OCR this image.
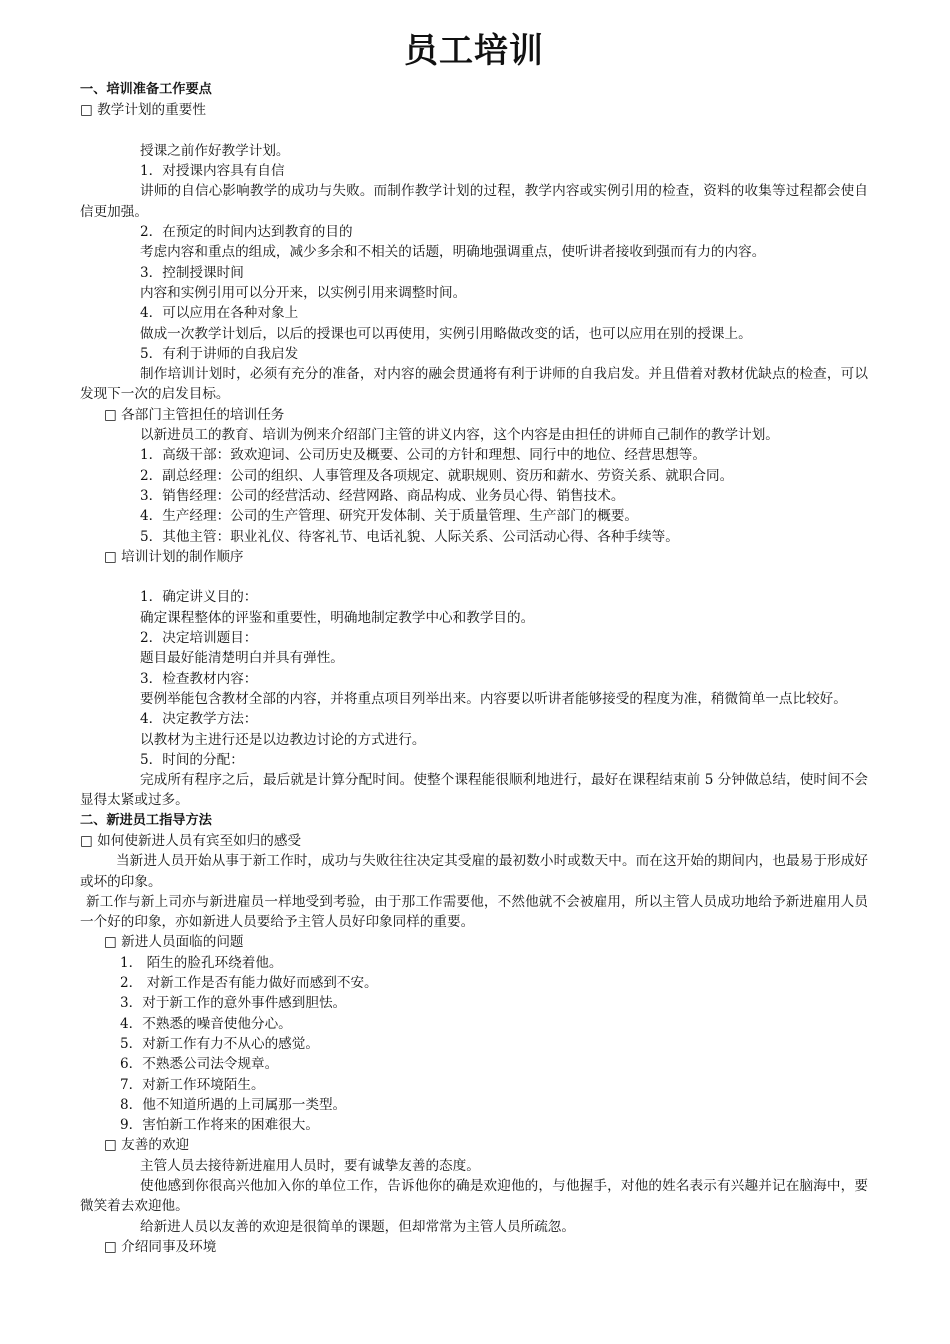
员工培训
一、培训准备工作要点
□ 教学计划的重要性
授课之前作好教学计划。
1．对授课内容具有自信
讲师的自信心影响教学的成功与失败。而制作教学计划的过程，教学内容或实例引用的检查，资料的收集等过程都会使自信更加强。
2．在预定的时间内达到教育的目的
考虑内容和重点的组成，减少多余和不相关的话题，明确地强调重点，使听讲者接收到强而有力的内容。
3．控制授课时间
内容和实例引用可以分开来，以实例引用来调整时间。
4．可以应用在各种对象上
做成一次教学计划后，以后的授课也可以再使用，实例引用略做改变的话，也可以应用在别的授课上。
5．有利于讲师的自我启发
制作培训计划时，必须有充分的准备，对内容的融会贯通将有利于讲师的自我启发。并且借着对教材优缺点的检查，可以发现下一次的启发目标。
□ 各部门主管担任的培训任务
以新进员工的教育、培训为例来介绍部门主管的讲义内容，这个内容是由担任的讲师自己制作的教学计划。
1．高级干部：致欢迎词、公司历史及概要、公司的方针和理想、同行中的地位、经营思想等。
2．副总经理：公司的组织、人事管理及各项规定、就职规则、资历和薪水、劳资关系、就职合同。
3．销售经理：公司的经营活动、经营网路、商品构成、业务员心得、销售技术。
4．生产经理：公司的生产管理、研究开发体制、关于质量管理、生产部门的概要。
5．其他主管：职业礼仪、待客礼节、电话礼貌、人际关系、公司活动心得、各种手续等。
□ 培训计划的制作顺序
1．确定讲义目的：
确定课程整体的评鉴和重要性，明确地制定教学中心和教学目的。
2．决定培训题目：
题目最好能清楚明白并具有弹性。
3．检查教材内容：
要例举能包含教材全部的内容，并将重点项目列举出来。内容要以听讲者能够接受的程度为准，稍微简单一点比较好。
4．决定教学方法：
以教材为主进行还是以边教边讨论的方式进行。
5．时间的分配：
完成所有程序之后，最后就是计算分配时间。使整个课程能很顺利地进行，最好在课程结束前 5 分钟做总结，使时间不会显得太紧或过多。
二、新进员工指导方法
□ 如何使新进人员有宾至如归的感受
当新进人员开始从事于新工作时，成功与失败往往决定其受雇的最初数小时或数天中。而在这开始的期间内，也最易于形成好或坏的印象。
新工作与新上司亦与新进雇员一样地受到考验，由于那工作需要他，不然他就不会被雇用，所以主管人员成功地给予新进雇用人员一个好的印象，亦如新进人员要给予主管人员好印象同样的重要。
□ 新进人员面临的问题
1． 陌生的脸孔环绕着他。
2． 对新工作是否有能力做好而感到不安。
3．对于新工作的意外事件感到胆怯。
4．不熟悉的噪音使他分心。
5．对新工作有力不从心的感觉。
6．不熟悉公司法令规章。
7．对新工作环境陌生。
8．他不知道所遇的上司属那一类型。
9．害怕新工作将来的困难很大。
□ 友善的欢迎
主管人员去接待新进雇用人员时，要有诚挚友善的态度。
使他感到你很高兴他加入你的单位工作，告诉他你的确是欢迎他的，与他握手，对他的姓名表示有兴趣并记在脑海中，要微笑着去欢迎他。
给新进人员以友善的欢迎是很简单的课题，但却常常为主管人员所疏忽。
□ 介绍同事及环境
